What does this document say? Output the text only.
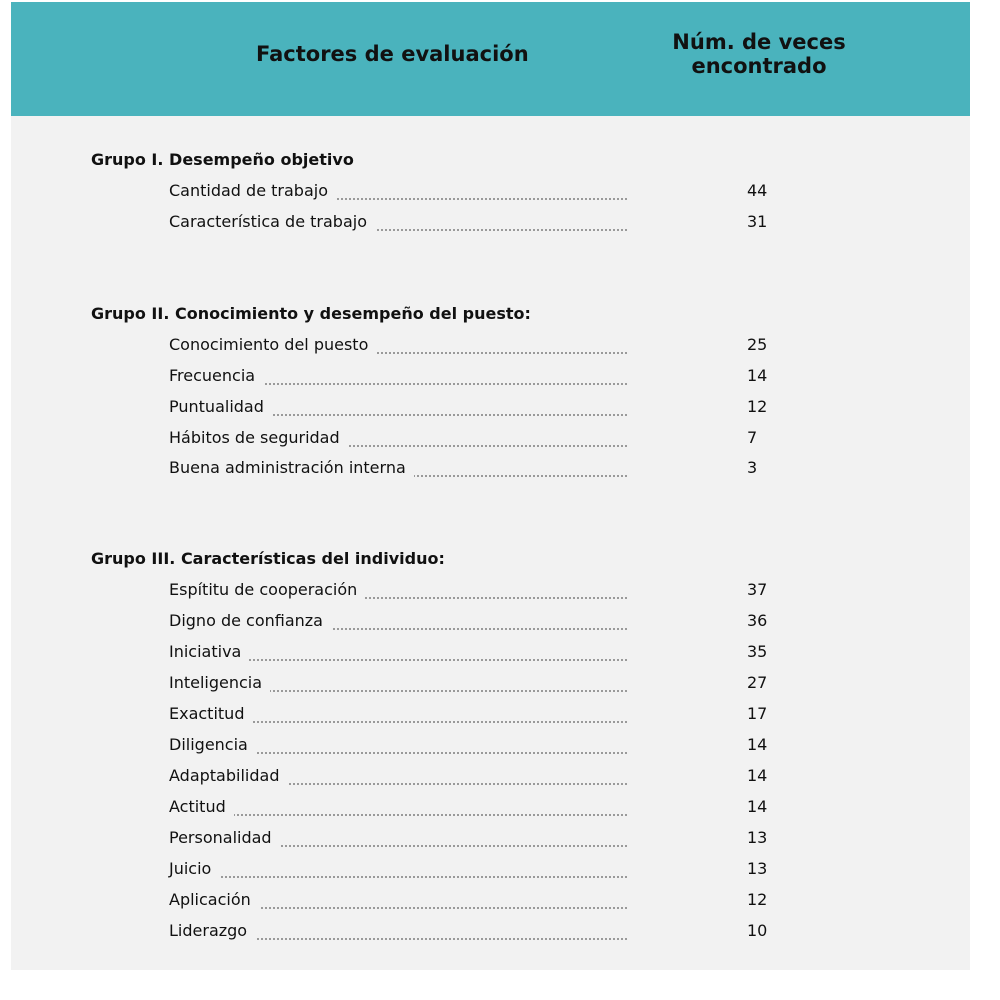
Factores de evaluación	Núm. de veces
encontrado
Grupo I. Desempeño objetivo
Cantidad de trabajo	44
Característica de trabajo	31
Grupo II. Conocimiento y desempeño del puesto:
Conocimiento del puesto	25
Frecuencia	14
Puntualidad	12
Hábitos de seguridad	7
Buena administración interna	3
Grupo III. Características del individuo:
Espítitu de cooperación	37
Digno de confianza	36
Iniciativa	35
Inteligencia	27
Exactitud	17
Diligencia	14
Adaptabilidad	14
Actitud	14
Personalidad	13
Juicio	13
Aplicación	12
Liderazgo	10
